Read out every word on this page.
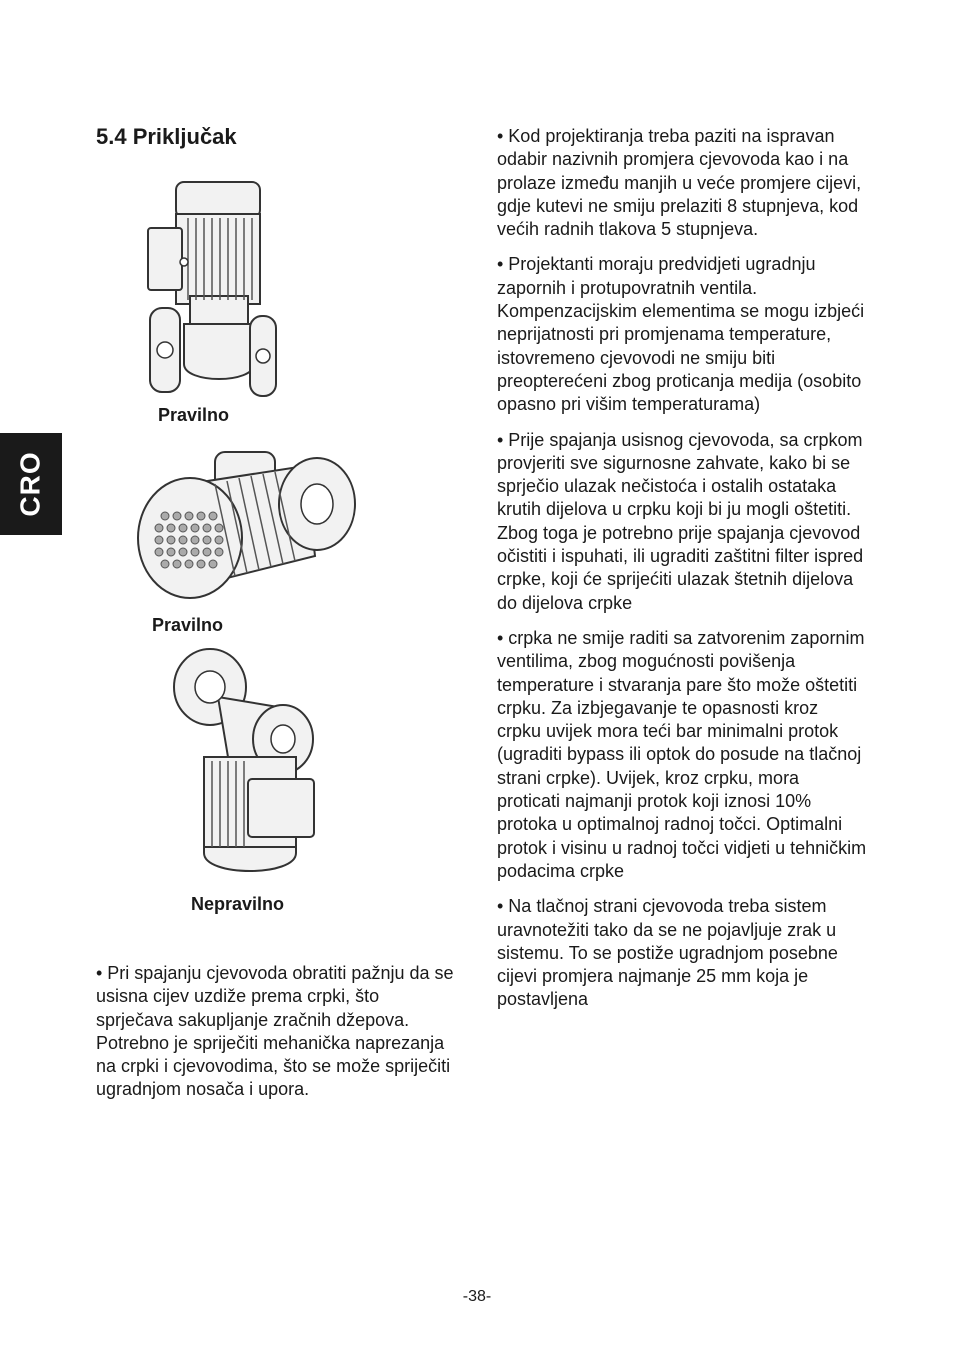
CRO
5.4 Priključak
Pravilno
Pravilno
Nepravilno

• Pri spajanju cjevovoda obratiti pažnju da se usisna cijev uzdiže prema crpki, što sprječava sakupljanje zračnih džepova. Potrebno je spriječiti mehanička naprezanja na crpki i cjevovodima, što se može spriječiti ugradnjom nosača i upora.

• Kod projektiranja treba paziti na ispravan odabir nazivnih promjera cjevovoda kao i na prolaze između manjih u veće promjere cijevi, gdje kutevi ne smiju prelaziti 8 stupnjeva, kod većih radnih tlakova 5 stupnjeva.

• Projektanti moraju predvidjeti ugradnju zapornih i protupovratnih ventila. Kompenzacijskim elementima se mogu izbjeći neprijatnosti pri promjenama temperature, istovremeno cjevovodi ne smiju biti preopterećeni zbog proticanja medija (osobito opasno pri višim temperaturama)

• Prije spajanja usisnog cjevovoda, sa crpkom provjeriti sve sigurnosne zahvate, kako bi se sprječio ulazak nečistoća i ostalih ostataka krutih dijelova u crpku koji bi ju mogli oštetiti. Zbog toga je potrebno prije spajanja cjevovod očistiti i ispuhati, ili ugraditi zaštitni filter ispred crpke, koji će sprijećiti ulazak štetnih dijelova do dijelova crpke

• crpka ne smije raditi sa zatvorenim zapornim ventilima, zbog mogućnosti povišenja temperature i stvaranja pare što može oštetiti crpku. Za izbjegavanje te opasnosti kroz crpku uvijek mora teći bar minimalni protok (ugraditi bypass ili optok do posude na tlačnoj strani crpke). Uvijek, kroz crpku, mora proticati najmanji protok koji iznosi 10% protoka u optimalnoj radnoj točci. Optimalni protok i visinu u radnoj točci vidjeti u tehničkim podacima crpke

• Na tlačnoj strani cjevovoda treba sistem uravnotežiti tako da se ne pojavljuje zrak u sistemu. To se postiže ugradnjom posebne cijevi promjera najmanje 25 mm koja je postavljena

-38-
